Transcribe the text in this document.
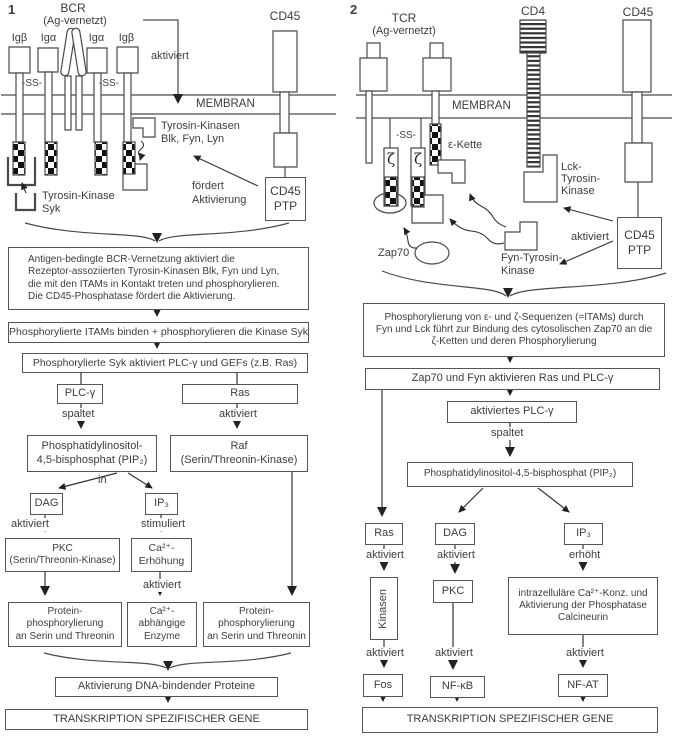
1	BCR
(Ag-vernetzt)
Igβ	Igα	Igα	Igβ
-SS-	-SS-
MEMBRAN
aktiviert
Tyrosin-Kinasen
Blk, Fyn, Lyn
Tyrosin-Kinase
Syk
fördert
Aktivierung
CD45
CD45
PTP
Antigen-bedingte BCR-Vernetzung aktiviert die
Rezeptor-assoziierten Tyrosin-Kinasen Blk, Fyn und Lyn,
die mit den ITAMs in Kontakt treten und phosphorylieren.
Die CD45-Phosphatase fördert die Aktivierung.
Phosphorylierte ITAMs binden + phosphorylieren die Kinase Syk
Phosphorylierte Syk aktiviert PLC-γ und GEFs (z.B. Ras)
PLC-γ	Ras
spaltet	aktiviert
Phosphatidylinositol-
4,5-bisphosphat (PIP₂)
Raf
(Serin/Threonin-Kinase)
in
DAG	IP₃
aktiviert	stimuliert
PKC
(Serin/Threonin-Kinase)
Ca²⁺-
Erhöhung
aktiviert
Protein-
phosphorylierung
an Serin und Threonin
Ca²⁺-
abhängige
Enzyme
Protein-
phosphorylierung
an Serin und Threonin
Aktivierung DNA-bindender Proteine
TRANSKRIPTION SPEZIFISCHER GENE
2
TCR
(Ag-vernetzt)
CD4	CD45
MEMBRAN
-SS-
ζ ζ
ε-Kette
Zap70
Lck-
Tyrosin-
Kinase
Fyn-Tyrosin-
Kinase
aktiviert CD45
PTP
Phosphorylierung von ε- und ζ-Sequenzen (=ITAMs) durch
Fyn und Lck führt zur Bindung des cytosolischen Zap70 an die
ζ-Ketten und deren Phosphorylierung
Zap70 und Fyn aktivieren Ras und PLC-γ
aktiviertes PLC-γ
spaltet
Phosphatidylinositol-4,5-bisphosphat (PIP₂)
Ras	DAG	IP₃
aktiviert	aktiviert	erhöht
Kinasen	PKC	intrazelluläre Ca²⁺-Konz. und
Aktivierung der Phosphatase
Calcineurin
aktiviert	aktiviert	aktiviert
Fos	NF-κB	NF-AT
TRANSKRIPTION SPEZIFISCHER GENE
